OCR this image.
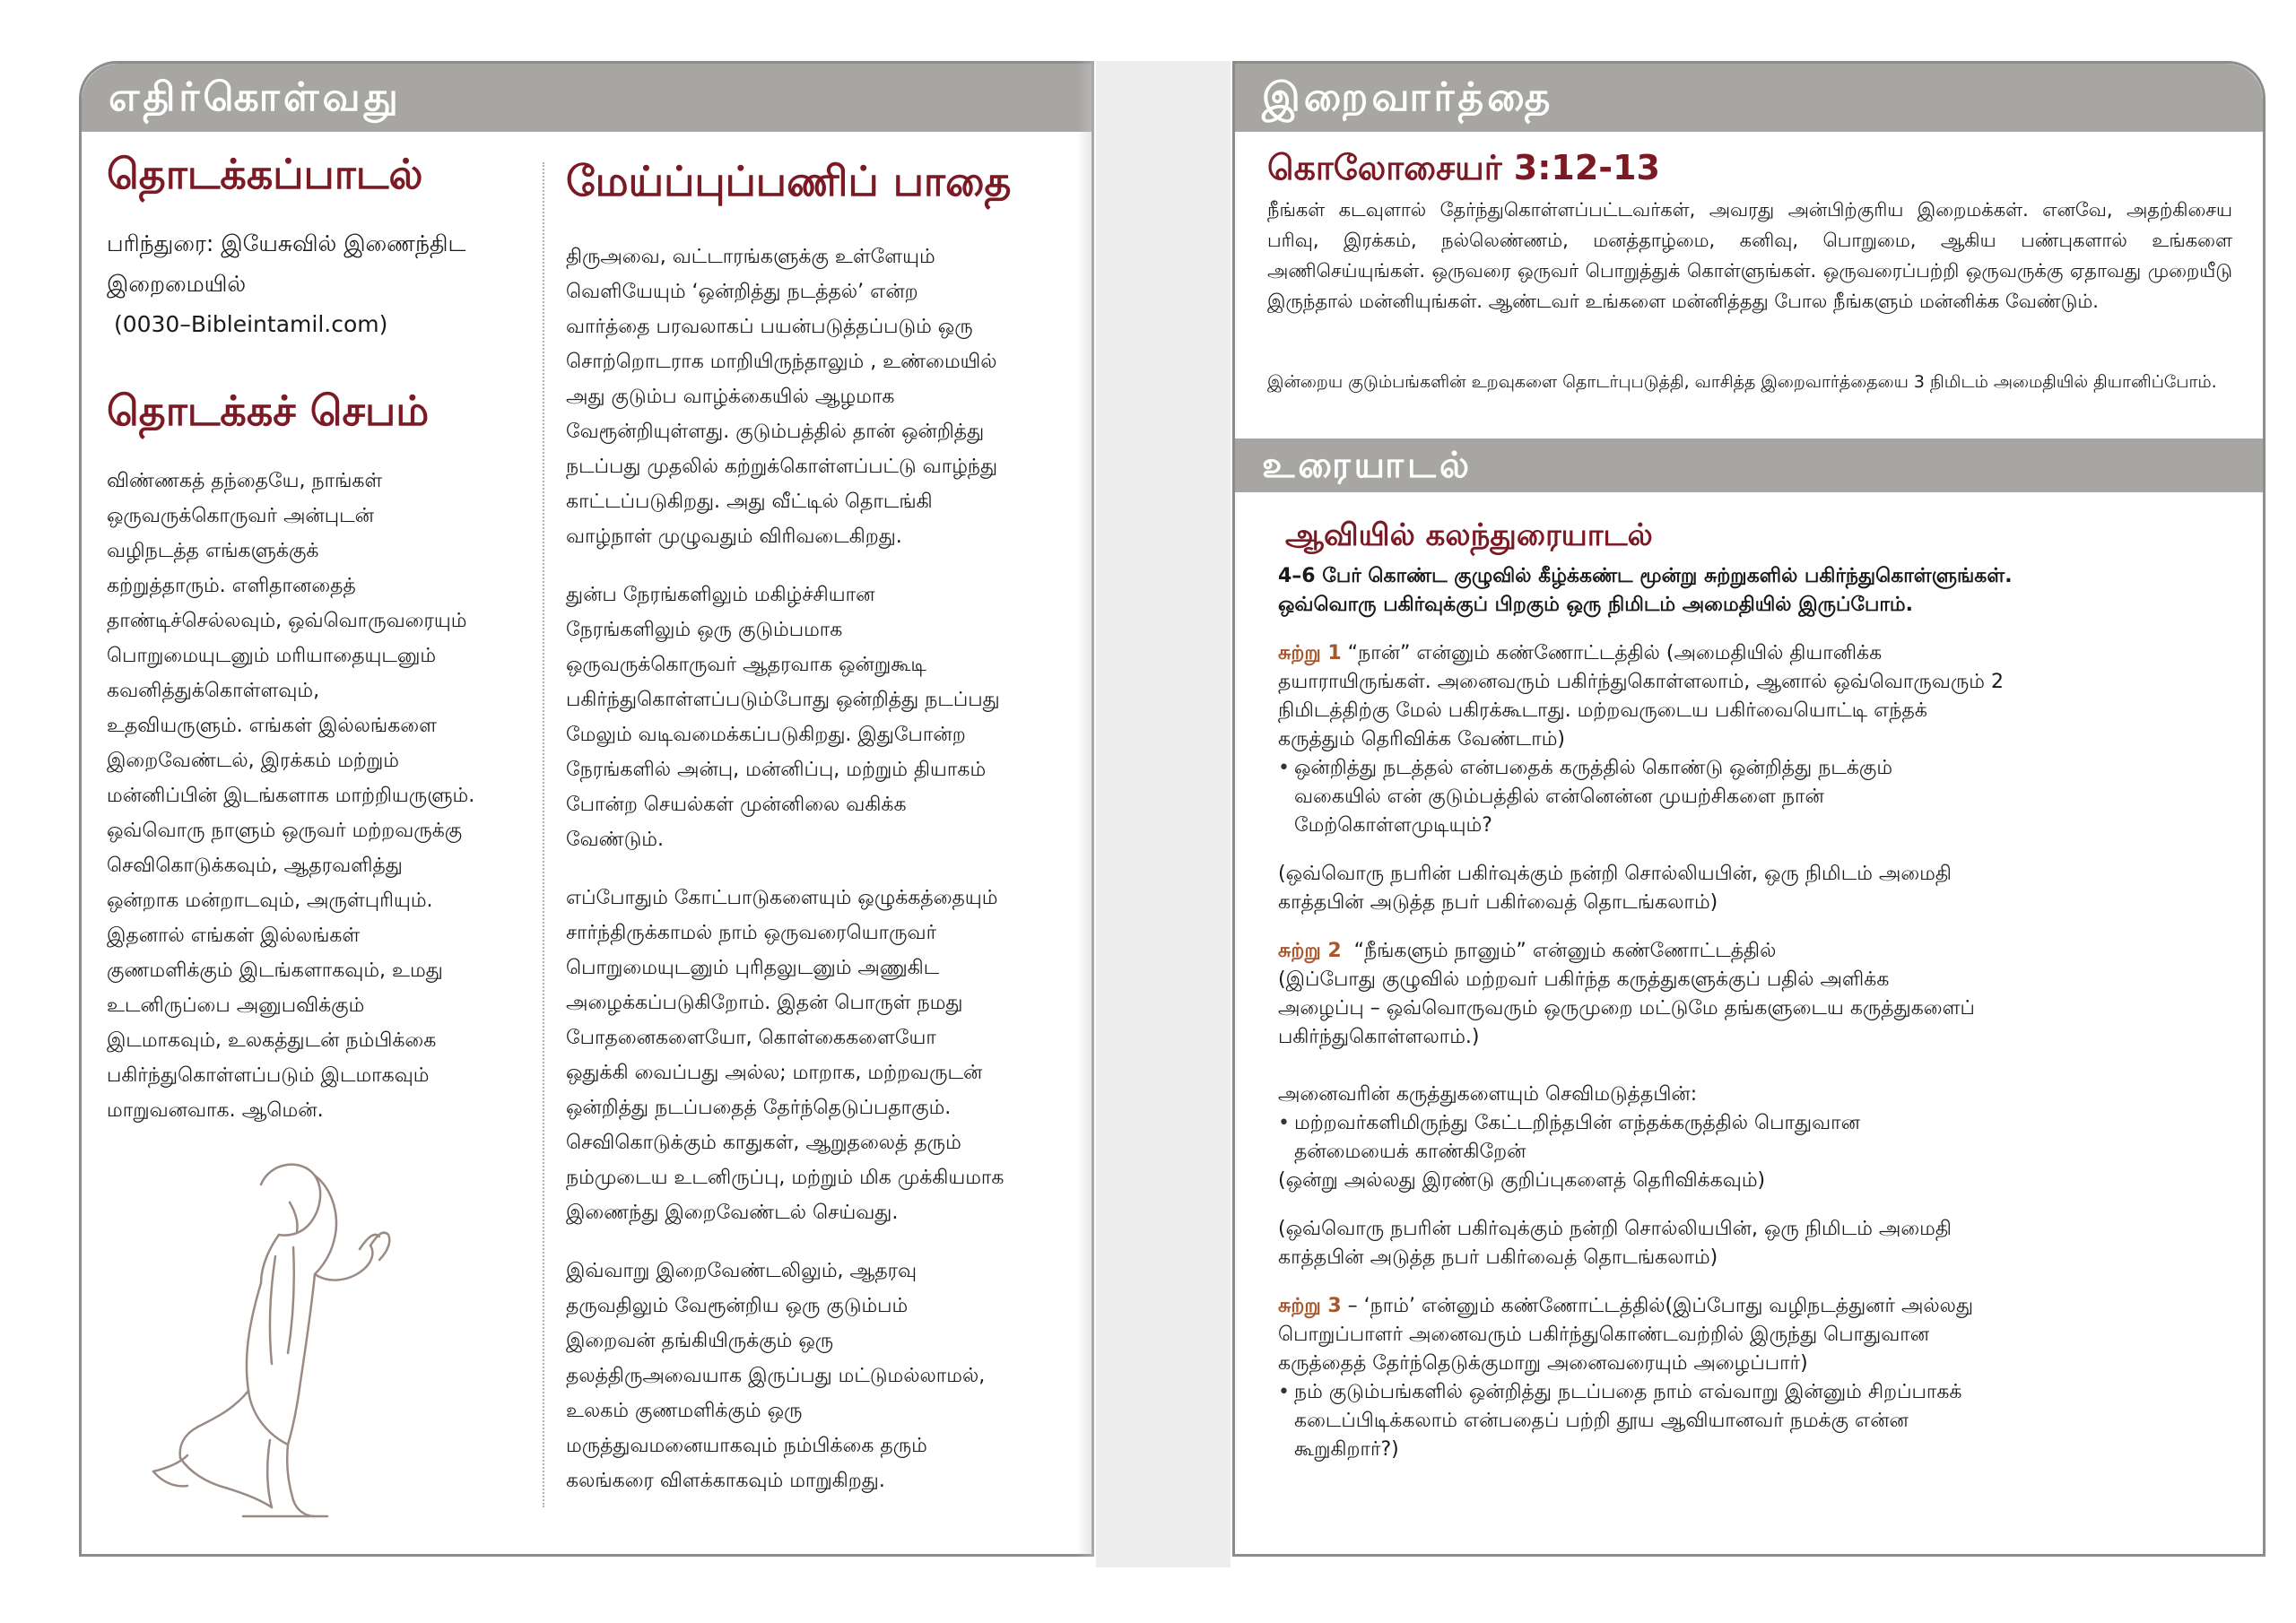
எதிர்கொள்வது
தொடக்கப்பாடல்
பரிந்துரை: இயேசுவில் இணைந்திட
இறைமையில்
(0030–Bibleintamil.com)
தொடக்கச் செபம்
விண்ணகத் தந்தையே, நாங்கள்
ஒருவருக்கொருவர் அன்புடன்
வழிநடத்த எங்களுக்குக்
கற்றுத்தாரும். எளிதானதைத்
தாண்டிச்செல்லவும், ஒவ்வொருவரையும்
பொறுமையுடனும் மரியாதையுடனும்
கவனித்துக்கொள்ளவும்,
உதவியருளும். எங்கள் இல்லங்களை
இறைவேண்டல், இரக்கம் மற்றும்
மன்னிப்பின் இடங்களாக மாற்றியருளும்.
ஒவ்வொரு நாளும் ஒருவர் மற்றவருக்கு
செவிகொடுக்கவும், ஆதரவளித்து
ஒன்றாக மன்றாடவும், அருள்புரியும்.
இதனால் எங்கள் இல்லங்கள்
குணமளிக்கும் இடங்களாகவும், உமது
உடனிருப்பை அனுபவிக்கும்
இடமாகவும், உலகத்துடன் நம்பிக்கை
பகிர்ந்துகொள்ளப்படும் இடமாகவும்
மாறுவனவாக. ஆமென்.
மேய்ப்புப்பணிப் பாதை
திருஅவை, வட்டாரங்களுக்கு உள்ளேயும்
வெளியேயும் ‘ஒன்றித்து நடத்தல்’ என்ற
வார்த்தை பரவலாகப் பயன்படுத்தப்படும் ஒரு
சொற்றொடராக மாறியிருந்தாலும் , உண்மையில்
அது குடும்ப வாழ்க்கையில் ஆழமாக
வேரூன்றியுள்ளது. குடும்பத்தில் தான் ஒன்றித்து
நடப்பது முதலில் கற்றுக்கொள்ளப்பட்டு வாழ்ந்து
காட்டப்படுகிறது. அது வீட்டில் தொடங்கி
வாழ்நாள் முழுவதும் விரிவடைகிறது.
துன்ப நேரங்களிலும் மகிழ்ச்சியான
நேரங்களிலும் ஒரு குடும்பமாக
ஒருவருக்கொருவர் ஆதரவாக ஒன்றுகூடி
பகிர்ந்துகொள்ளப்படும்போது ஒன்றித்து நடப்பது
மேலும் வடிவமைக்கப்படுகிறது. இதுபோன்ற
நேரங்களில் அன்பு, மன்னிப்பு, மற்றும் தியாகம்
போன்ற செயல்கள் முன்னிலை வகிக்க
வேண்டும்.
எப்போதும் கோட்பாடுகளையும் ஒழுக்கத்தையும்
சார்ந்திருக்காமல் நாம் ஒருவரையொருவர்
பொறுமையுடனும் புரிதலுடனும் அணுகிட
அழைக்கப்படுகிறோம். இதன் பொருள் நமது
போதனைகளையோ, கொள்கைகளையோ
ஒதுக்கி வைப்பது அல்ல; மாறாக, மற்றவருடன்
ஒன்றித்து நடப்பதைத் தேர்ந்தெடுப்பதாகும்.
செவிகொடுக்கும் காதுகள், ஆறுதலைத் தரும்
நம்முடைய உடனிருப்பு, மற்றும் மிக முக்கியமாக
இணைந்து இறைவேண்டல் செய்வது.
இவ்வாறு இறைவேண்டலிலும், ஆதரவு
தருவதிலும் வேரூன்றிய ஒரு குடும்பம்
இறைவன் தங்கியிருக்கும் ஒரு
தலத்திருஅவையாக இருப்பது மட்டுமல்லாமல்,
உலகம் குணமளிக்கும் ஒரு
மருத்துவமனையாகவும் நம்பிக்கை தரும்
கலங்கரை விளக்காகவும் மாறுகிறது.
இறைவார்த்தை
கொலோசையர் 3:12-13

நீங்கள் கடவுளால் தேர்ந்துகொள்ளப்பட்டவர்கள், அவரது அன்பிற்குரிய இறைமக்கள். எனவே, அதற்கிசைய பரிவு, இரக்கம், நல்லெண்ணம், மனத்தாழ்மை, கனிவு, பொறுமை, ஆகிய பண்புகளால் உங்களை அணிசெய்யுங்கள். ஒருவரை ஒருவர் பொறுத்துக் கொள்ளுங்கள். ஒருவரைப்பற்றி ஒருவருக்கு ஏதாவது முறையீடு இருந்தால் மன்னியுங்கள். ஆண்டவர் உங்களை மன்னித்தது போல நீங்களும் மன்னிக்க வேண்டும்.

இன்றைய குடும்பங்களின் உறவுகளை தொடர்புபடுத்தி, வாசித்த இறைவார்த்தையை 3 நிமிடம் அமைதியில் தியானிப்போம்.

உரையாடல்
ஆவியில் கலந்துரையாடல்
4–6 பேர் கொண்ட குழுவில் கீழ்க்கண்ட மூன்று சுற்றுகளில் பகிர்ந்துகொள்ளுங்கள்.
ஒவ்வொரு பகிர்வுக்குப் பிறகும் ஒரு நிமிடம் அமைதியில் இருப்போம்.
சுற்று 1 “நான்” என்னும் கண்ணோட்டத்தில் (அமைதியில் தியானிக்க
தயாராயிருங்கள். அனைவரும் பகிர்ந்துகொள்ளலாம், ஆனால் ஒவ்வொருவரும் 2
நிமிடத்திற்கு மேல் பகிரக்கூடாது. மற்றவருடைய பகிர்வையொட்டி எந்தக்
கருத்தும் தெரிவிக்க வேண்டாம்)
• ஒன்றித்து நடத்தல் என்பதைக் கருத்தில் கொண்டு ஒன்றித்து நடக்கும்
வகையில் என் குடும்பத்தில் என்னென்ன முயற்சிகளை நான்
மேற்கொள்ளமுடியும்?
(ஒவ்வொரு நபரின் பகிர்வுக்கும் நன்றி சொல்லியபின், ஒரு நிமிடம் அமைதி
காத்தபின் அடுத்த நபர் பகிர்வைத் தொடங்கலாம்)
சுற்று 2  “நீங்களும் நானும்” என்னும் கண்ணோட்டத்தில்
(இப்போது குழுவில் மற்றவர் பகிர்ந்த கருத்துகளுக்குப் பதில் அளிக்க
அழைப்பு – ஒவ்வொருவரும் ஒருமுறை மட்டுமே தங்களுடைய கருத்துகளைப்
பகிர்ந்துகொள்ளலாம்.)
அனைவரின் கருத்துகளையும் செவிமடுத்தபின்:
• மற்றவர்களிமிருந்து கேட்டறிந்தபின் எந்தக்கருத்தில் பொதுவான
தன்மையைக் காண்கிறேன்
(ஒன்று அல்லது இரண்டு குறிப்புகளைத் தெரிவிக்கவும்)
(ஒவ்வொரு நபரின் பகிர்வுக்கும் நன்றி சொல்லியபின், ஒரு நிமிடம் அமைதி
காத்தபின் அடுத்த நபர் பகிர்வைத் தொடங்கலாம்)
சுற்று 3 – ‘நாம்’ என்னும் கண்ணோட்டத்தில்(இப்போது வழிநடத்துனர் அல்லது
பொறுப்பாளர் அனைவரும் பகிர்ந்துகொண்டவற்றில் இருந்து பொதுவான
கருத்தைத் தேர்ந்தெடுக்குமாறு அனைவரையும் அழைப்பார்)
• நம் குடும்பங்களில் ஒன்றித்து நடப்பதை நாம் எவ்வாறு இன்னும் சிறப்பாகக்
கடைப்பிடிக்கலாம் என்பதைப் பற்றி தூய ஆவியானவர் நமக்கு என்ன
கூறுகிறார்?)
